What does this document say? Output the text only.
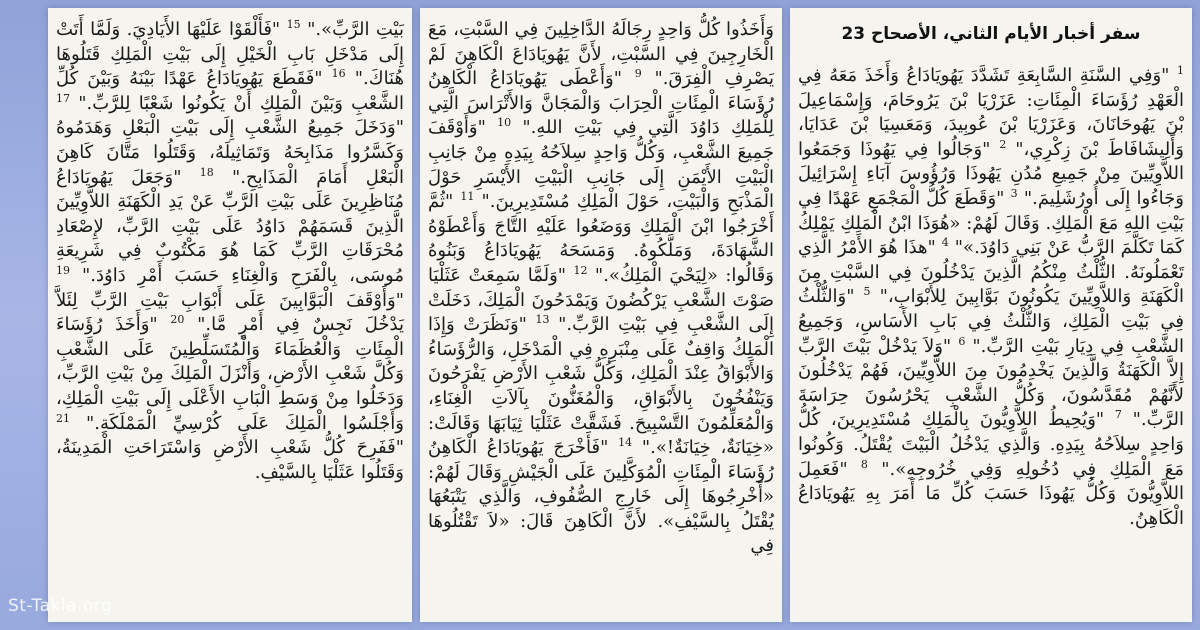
سفر أخبار الأيام الثاني، الأصحاح 23
$^1$ "وَفِي السَّنَةِ السَّابِعَةِ تَشَدَّدَ يَهُويَادَاعُ وَأَخَذَ مَعَهُ فِي الْعَهْدِ رُؤَسَاءَ الْمِئَاتِ: عَزَرْيَا بْنَ يَرُوحَامَ، وَإِسْمَاعِيلَ بْنَ يَهُوحَانَانَ، وَعَزَرْيَا بْنَ عُوبِيدَ، وَمَعَسِيَا بْنَ عَدَايَا، وَأَلِيشَافَاطَ بْنَ زِكْرِي،" $^2$ "وَجَالُوا فِي يَهُوذَا وَجَمَعُوا اللاَّوِيِّينَ مِنْ جَمِيعِ مُدُنِ يَهُوذَا وَرُؤُوسَ آبَاءِ إِسْرَائِيلَ وَجَاءُوا إِلَى أُورُشَلِيمَ." $^3$ "وَقَطَعَ كُلُّ الْمَجْمَعِ عَهْدًا فِي بَيْتِ اللهِ مَعَ الْمَلِكِ. وَقَالَ لَهُمْ: «هُوَذَا ابْنُ الْمَلِكِ يَمْلِكُ كَمَا تَكَلَّمَ الرَّبُّ عَنْ بَنِي دَاوُدَ.»" $^4$ "هذَا هُوَ الأَمْرُ الَّذِي تَعْمَلُونَهُ. الثُّلْثُ مِنْكُمُ الَّذِينَ يَدْخُلُونَ فِي السَّبْتِ مِنَ الْكَهَنَةِ وَاللاَّوِيِّينَ يَكُونُونَ بَوَّابِينَ لِلأَبْوَابِ،" $^5$ "وَالثُّلْثُ فِي بَيْتِ الْمَلِكِ، وَالثُّلْثُ فِي بَابِ الأَسَاسِ، وَجَمِيعُ الشَّعْبِ فِي دِيَارِ بَيْتِ الرَّبِّ." $^6$ "وَلاَ يَدْخُلْ بَيْتَ الرَّبِّ إِلاَّ الْكَهَنَةُ وَالَّذِينَ يَخْدِمُونَ مِنَ اللاَّوِيِّينَ، فَهُمْ يَدْخُلُونَ لأَنَّهُمْ مُقَدَّسُونَ، وَكُلُّ الشَّعْبِ يَحْرُسُونَ حِرَاسَةَ الرَّبِّ." $^7$ "وَيُحِيطُ اللاَّوِيُّونَ بِالْمَلِكِ مُسْتَدِيرِينَ، كُلُّ وَاحِدٍ سِلاَحُهُ بِيَدِهِ. وَالَّذِي يَدْخُلُ الْبَيْتَ يُقْتَلُ. وَكُونُوا مَعَ الْمَلِكِ فِي دُخُولِهِ وَفِي خُرُوجِهِ»." $^8$ "فَعَمِلَ اللاَّوِيُّونَ وَكُلُّ يَهُوذَا حَسَبَ كُلِّ مَا أَمَرَ بِهِ يَهُويَادَاعُ الْكَاهِنُ.
وَأَخَذُوا كُلُّ وَاحِدٍ رِجَالَهُ الدَّاخِلِينَ فِي السَّبْتِ، مَعَ الْخَارِجِينَ فِي السَّبْتِ، لأَنَّ يَهُويَادَاعَ الْكَاهِنَ لَمْ يَصْرِفِ الْفِرَقَ." $^9$ "وَأَعْطَى يَهُويَادَاعُ الْكَاهِنُ رُؤَسَاءَ الْمِئَاتِ الْحِرَابَ وَالْمَجَانَّ وَالأَتْرَاسَ الَّتِي لِلْمَلِكِ دَاوُدَ الَّتِي فِي بَيْتِ اللهِ." $^{10}$ "وَأَوْقَفَ جَمِيعَ الشَّعْبِ، وَكُلُّ وَاحِدٍ سِلاَحُهُ بِيَدِهِ مِنْ جَانِبِ الْبَيْتِ الأَيْمَنِ إِلَى جَانِبِ الْبَيْتِ الأَيْسَرِ حَوْلَ الْمَذْبَحِ وَالْبَيْتِ، حَوْلَ الْمَلِكِ مُسْتَدِيرِينَ." $^{11}$ "ثُمَّ أَخْرَجُوا ابْنَ الْمَلِكِ وَوَضَعُوا عَلَيْهِ التَّاجَ وَأَعْطَوْهُ الشَّهَادَةَ، وَمَلَّكُوهُ. وَمَسَحَهُ يَهُويَادَاعُ وَبَنُوهُ وَقَالُوا: «لِيَحْيَ الْمَلِكُ»." $^{12}$ "وَلَمَّا سَمِعَتْ عَثَلْيَا صَوْتَ الشَّعْبِ يَرْكُضُونَ وَيَمْدَحُونَ الْمَلِكَ، دَخَلَتْ إِلَى الشَّعْبِ فِي بَيْتِ الرَّبِّ." $^{13}$ "وَنَظَرَتْ وَإِذَا الْمَلِكُ وَاقِفٌ عَلَى مِنْبَرِهِ فِي الْمَدْخَلِ، وَالرُّؤَسَاءُ وَالأَبْوَاقُ عِنْدَ الْمَلِكِ، وَكُلُّ شَعْبِ الأَرْضِ يَفْرَحُونَ وَيَنْفُخُونَ بِالأَبْوَاقِ، وَالْمُغَنُّونَ بِآلاَتِ الْغِنَاءِ، وَالْمُعَلِّمُونَ التَّسْبِيحَ. فَشَقَّتْ عَثَلْيَا ثِيَابَهَا وَقَالَتْ: «خِيَانَةٌ، خِيَانَةٌ!»." $^{14}$ "فَأَخْرَجَ يَهُويَادَاعُ الْكَاهِنُ رُؤَسَاءَ الْمِئَاتِ الْمُوَكَّلِينَ عَلَى الْجَيْشِ وَقَالَ لَهُمْ: «أَخْرِجُوهَا إِلَى خَارِجِ الصُّفُوفِ، وَالَّذِي يَتْبَعُهَا يُقْتَلُ بِالسَّيْفِ». لأَنَّ الْكَاهِنَ قَالَ: «لاَ تَقْتُلُوهَا فِي
بَيْتِ الرَّبِّ»." $^{15}$ "فَأَلْقَوْا عَلَيْهَا الأَيَادِيَ. وَلَمَّا أَتَتْ إِلَى مَدْخَلِ بَابِ الْخَيْلِ إِلَى بَيْتِ الْمَلِكِ قَتَلُوهَا هُنَاكَ." $^{16}$ "فَقَطَعَ يَهُويَادَاعُ عَهْدًا بَيْنَهُ وَبَيْنَ كُلِّ الشَّعْبِ وَبَيْنَ الْمَلِكِ أَنْ يَكُونُوا شَعْبًا لِلرَّبِّ." $^{17}$ "وَدَخَلَ جَمِيعُ الشَّعْبِ إِلَى بَيْتِ الْبَعْلِ وَهَدَمُوهُ وَكَسَّرُوا مَذَابِحَهُ وَتَمَاثِيلَهُ، وَقَتَلُوا مَتَّانَ كَاهِنَ الْبَعْلِ أَمَامَ الْمَذَابِحِ." $^{18}$ "وَجَعَلَ يَهُويَادَاعُ مُنَاظِرِينَ عَلَى بَيْتِ الرَّبِّ عَنْ يَدِ الْكَهَنَةِ اللاَّوِيِّينَ الَّذِينَ قَسَمَهُمْ دَاوُدُ عَلَى بَيْتِ الرَّبِّ، لإِصْعَادِ مُحْرَقَاتِ الرَّبِّ كَمَا هُوَ مَكْتُوبٌ فِي شَرِيعَةِ مُوسَى، بِالْفَرَحِ وَالْغِنَاءِ حَسَبَ أَمْرِ دَاوُدَ." $^{19}$ "وَأَوْقَفَ الْبَوَّابِينَ عَلَى أَبْوَابِ بَيْتِ الرَّبِّ لِئَلاَّ يَدْخُلَ نَجِسٌ فِي أَمْرٍ مَّا." $^{20}$ "وَأَخَذَ رُؤَسَاءَ الْمِئَاتِ وَالْعُظَمَاءَ وَالْمُتَسَلِّطِينَ عَلَى الشَّعْبِ وَكُلَّ شَعْبِ الأَرْضِ، وَأَنْزَلَ الْمَلِكَ مِنْ بَيْتِ الرَّبِّ، وَدَخَلُوا مِنْ وَسَطِ الْبَابِ الأَعْلَى إِلَى بَيْتِ الْمَلِكِ، وَأَجْلَسُوا الْمَلِكَ عَلَى كُرْسِيِّ الْمَمْلَكَةِ." $^{21}$ "فَفَرِحَ كُلُّ شَعْبِ الأَرْضِ وَاسْتَرَاحَتِ الْمَدِينَةُ، وَقَتَلُوا عَثَلْيَا بِالسَّيْفِ.
St-Takla.org
